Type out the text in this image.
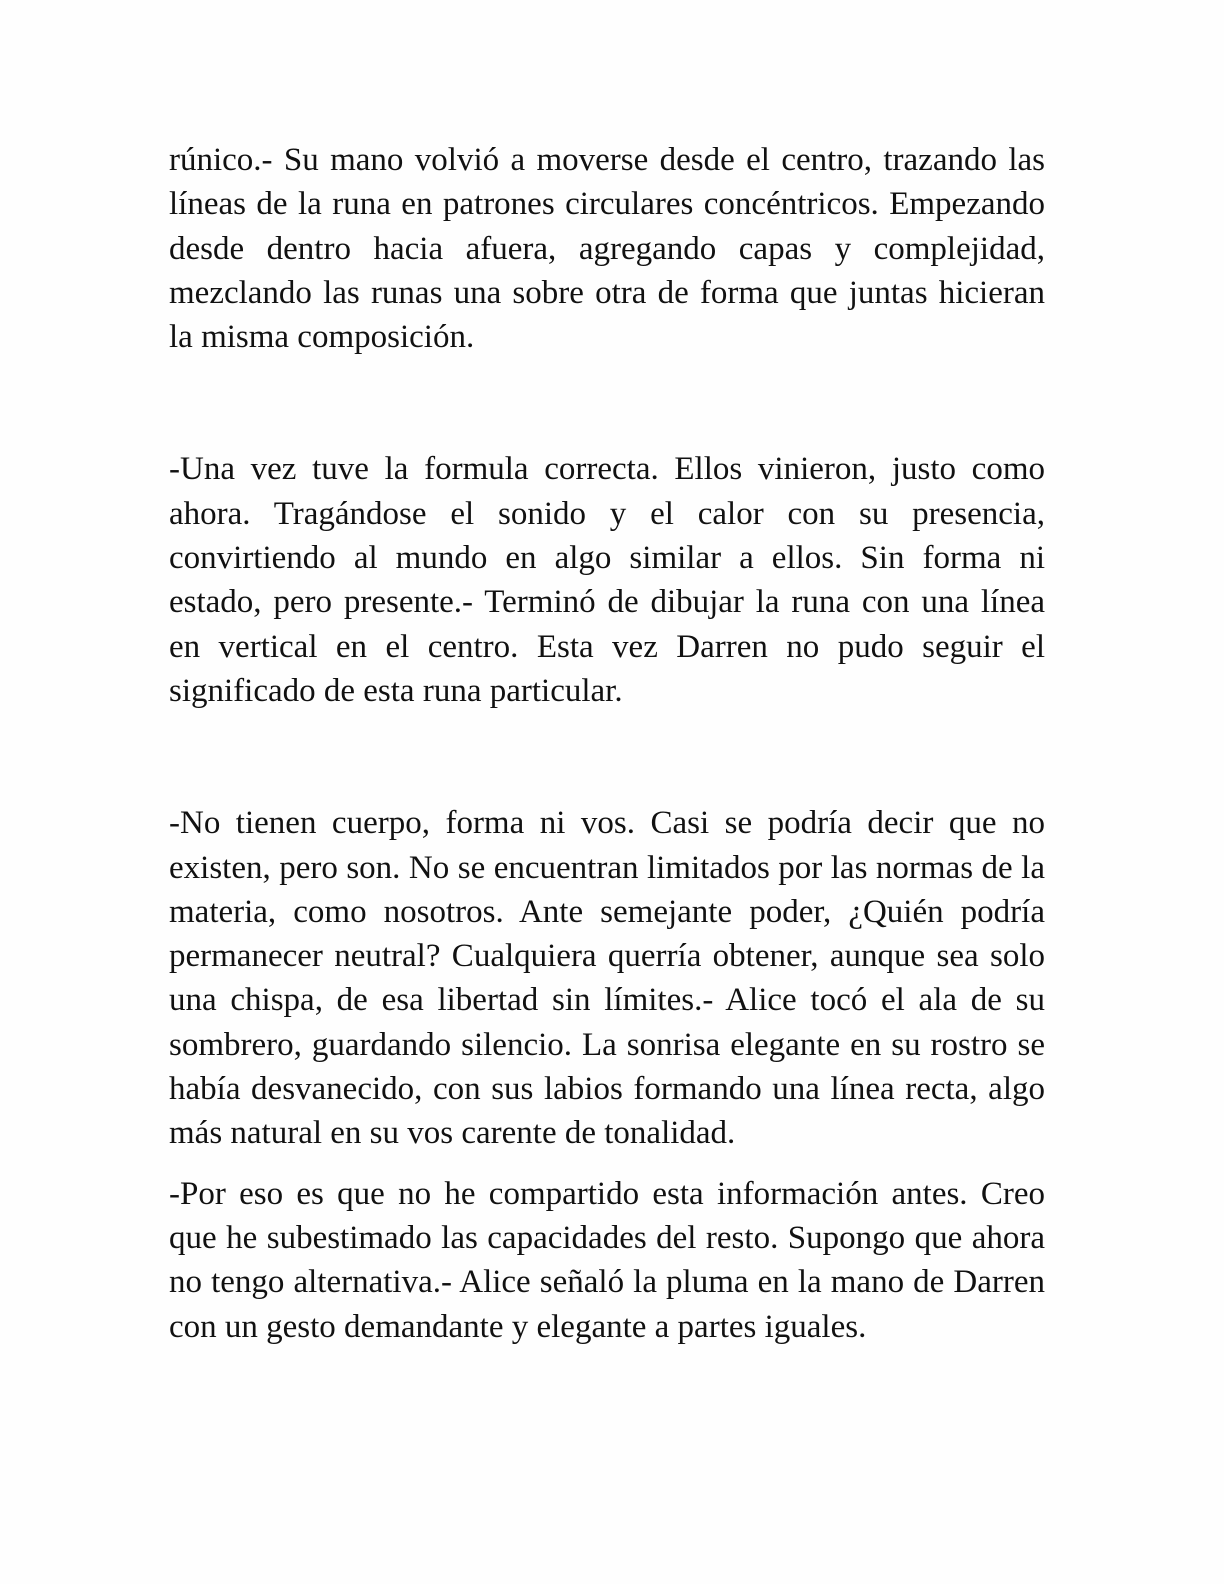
rúnico.- Su mano volvió a moverse desde el centro, trazando las líneas de la runa en patrones circulares concéntricos. Empezando desde dentro hacia afuera, agregando capas y complejidad, mezclando las runas una sobre otra de forma que juntas hicieran la misma composición.

-Una vez tuve la formula correcta. Ellos vinieron, justo como ahora. Tragándose el sonido y el calor con su presencia, convirtiendo al mundo en algo similar a ellos. Sin forma ni estado, pero presente.- Terminó de dibujar la runa con una línea en vertical en el centro. Esta vez Darren no pudo seguir el significado de esta runa particular.

-No tienen cuerpo, forma ni vos. Casi se podría decir que no existen, pero son. No se encuentran limitados por las normas de la materia, como nosotros. Ante semejante poder, ¿Quién podría permanecer neutral? Cualquiera querría obtener, aunque sea solo una chispa, de esa libertad sin límites.- Alice tocó el ala de su sombrero, guardando silencio. La sonrisa elegante en su rostro se había desvanecido, con sus labios formando una línea recta, algo más natural en su vos carente de tonalidad.

-Por eso es que no he compartido esta información antes. Creo que he subestimado las capacidades del resto. Supongo que ahora no tengo alternativa.- Alice señaló la pluma en la mano de Darren con un gesto demandante y elegante a partes iguales.
